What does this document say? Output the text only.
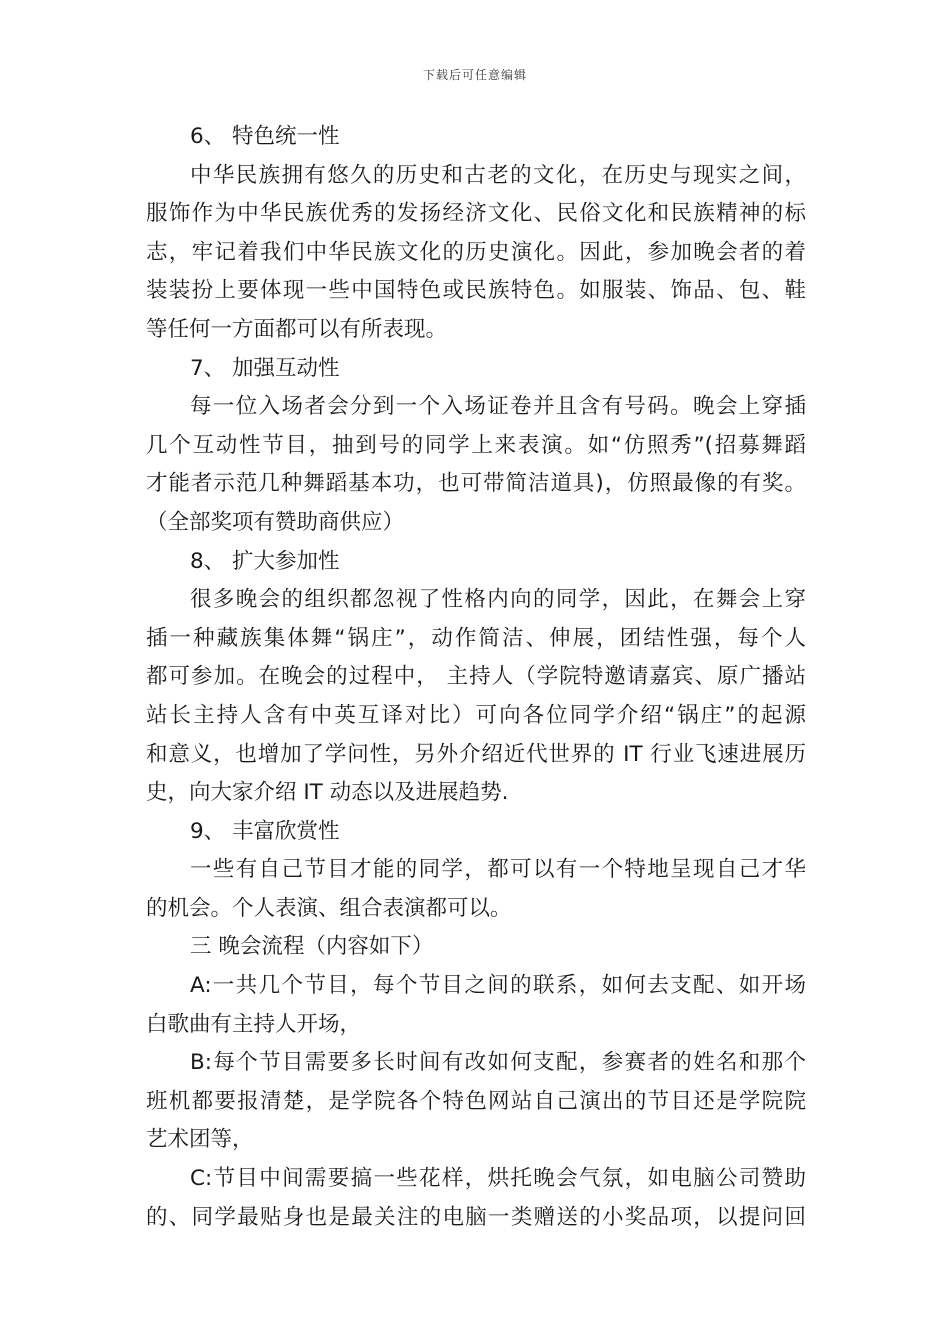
下载后可任意编辑
6、 特色统一性
中华民族拥有悠久的历史和古老的文化，在历史与现实之间，
服饰作为中华民族优秀的发扬经济文化、民俗文化和民族精神的标
志，牢记着我们中华民族文化的历史演化。因此，参加晚会者的着
装装扮上要体现一些中国特色或民族特色。如服装、饰品、包、鞋
等任何一方面都可以有所表现。
7、 加强互动性
每一位入场者会分到一个入场证卷并且含有号码。晚会上穿插
几个互动性节目，抽到号的同学上来表演。如“仿照秀”(招募舞蹈
才能者示范几种舞蹈基本功，也可带简洁道具)，仿照最像的有奖。
（全部奖项有赞助商供应）
8、 扩大参加性
很多晚会的组织都忽视了性格内向的同学，因此，在舞会上穿
插一种藏族集体舞“锅庄”，动作简洁、伸展，团结性强，每个人
都可参加。在晚会的过程中， 主持人（学院特邀请嘉宾、原广播站
站长主持人含有中英互译对比）可向各位同学介绍“锅庄”的起源
和意义，也增加了学问性，另外介绍近代世界的 IT 行业飞速进展历
史，向大家介绍 IT 动态以及进展趋势.
9、 丰富欣赏性
一些有自己节目才能的同学，都可以有一个特地呈现自己才华
的机会。个人表演、组合表演都可以。
三 晚会流程（内容如下）
A:一共几个节目，每个节目之间的联系，如何去支配、如开场
白歌曲有主持人开场，
B:每个节目需要多长时间有改如何支配，参赛者的姓名和那个
班机都要报清楚，是学院各个特色网站自己演出的节目还是学院院
艺术团等，
C:节目中间需要搞一些花样，烘托晚会气氛，如电脑公司赞助
的、同学最贴身也是最关注的电脑一类赠送的小奖品项，以提问回
